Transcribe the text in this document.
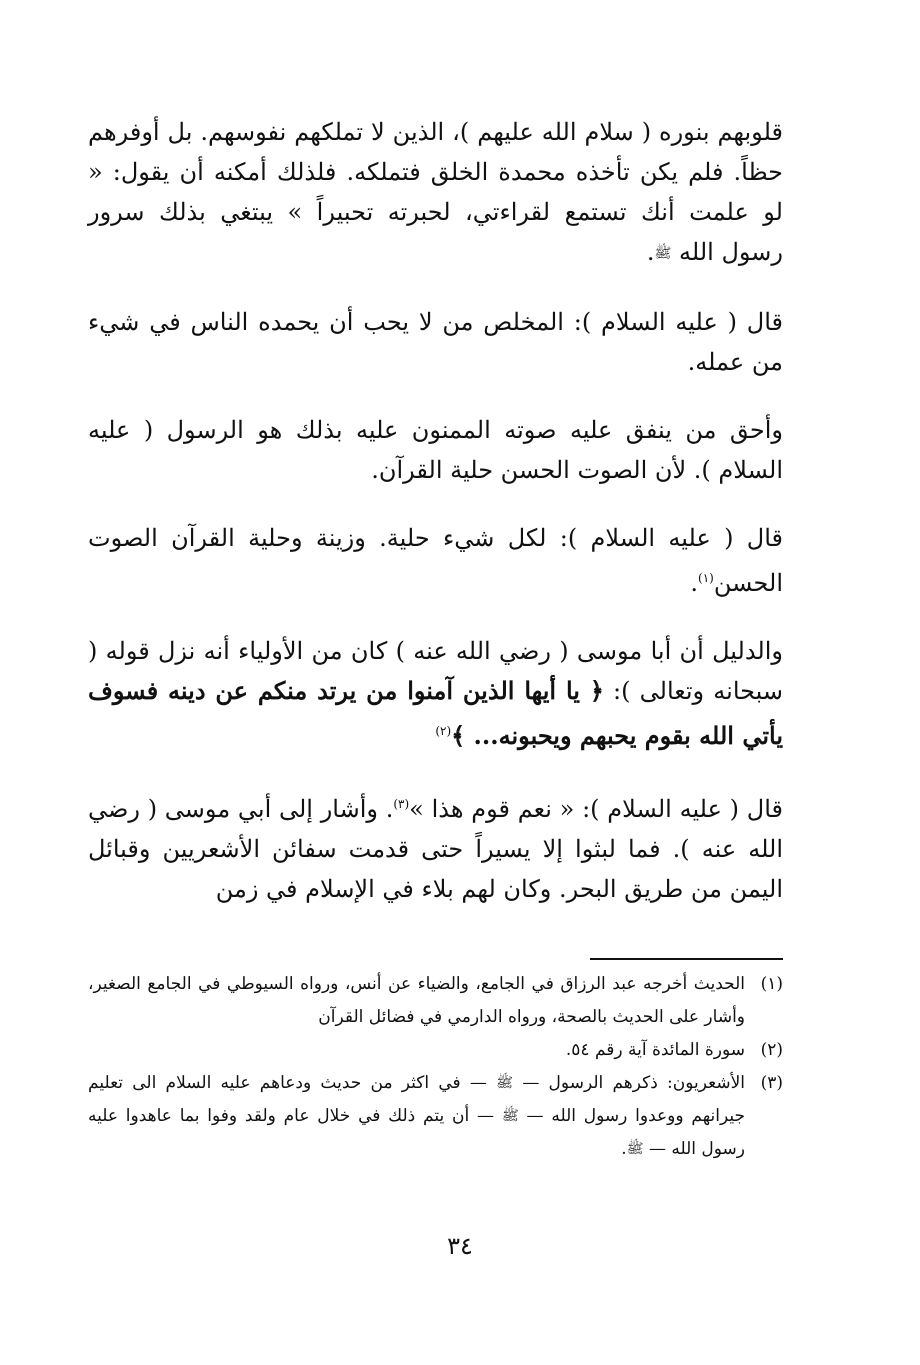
قلوبهم بنوره ( سلام الله عليهم )، الذين لا تملكهم نفوسهم. بل أوفرهم حظاً. فلم يكن تأخذه محمدة الخلق فتملكه. فلذلك أمكنه أن يقول: « لو علمت أنك تستمع لقراءتي، لحبرته تحبيراً » يبتغي بذلك سرور رسول الله ﷺ.

قال ( عليه السلام ): المخلص من لا يحب أن يحمده الناس في شيء من عمله.

وأحق من ينفق عليه صوته الممنون عليه بذلك هو الرسول ( عليه السلام ). لأن الصوت الحسن حلية القرآن.

قال ( عليه السلام ): لكل شيء حلية. وزينة وحلية القرآن الصوت الحسن$^{(١)}$.

والدليل أن أبا موسى ( رضي الله عنه ) كان من الأولياء أنه نزل قوله ( سبحانه وتعالى ): ﴿ يا أيها الذين آمنوا من يرتد منكم عن دينه فسوف يأتي الله بقوم يحبهم ويحبونه... ﴾$^{(٢)}$

قال ( عليه السلام ): « نعم قوم هذا »$^{(٣)}$. وأشار إلى أبي موسى ( رضي الله عنه ). فما لبثوا إلا يسيراً حتى قدمت سفائن الأشعريين وقبائل اليمن من طريق البحر. وكان لهم بلاء في الإسلام في زمن

(١)
الحديث أخرجه عبد الرزاق في الجامع، والضياء عن أنس، ورواه السيوطي في الجامع الصغير، وأشار على الحديث بالصحة، ورواه الدارمي في فضائل القرآن
(٢)
سورة المائدة آية رقم ٥٤.
(٣)
الأشعريون: ذكرهم الرسول — ﷺ — في اكثر من حديث ودعاهم عليه السلام الى تعليم جيرانهم ووعدوا رسول الله — ﷺ — أن يتم ذلك في خلال عام ولقد وفوا بما عاهدوا عليه رسول الله — ﷺ.
٣٤
